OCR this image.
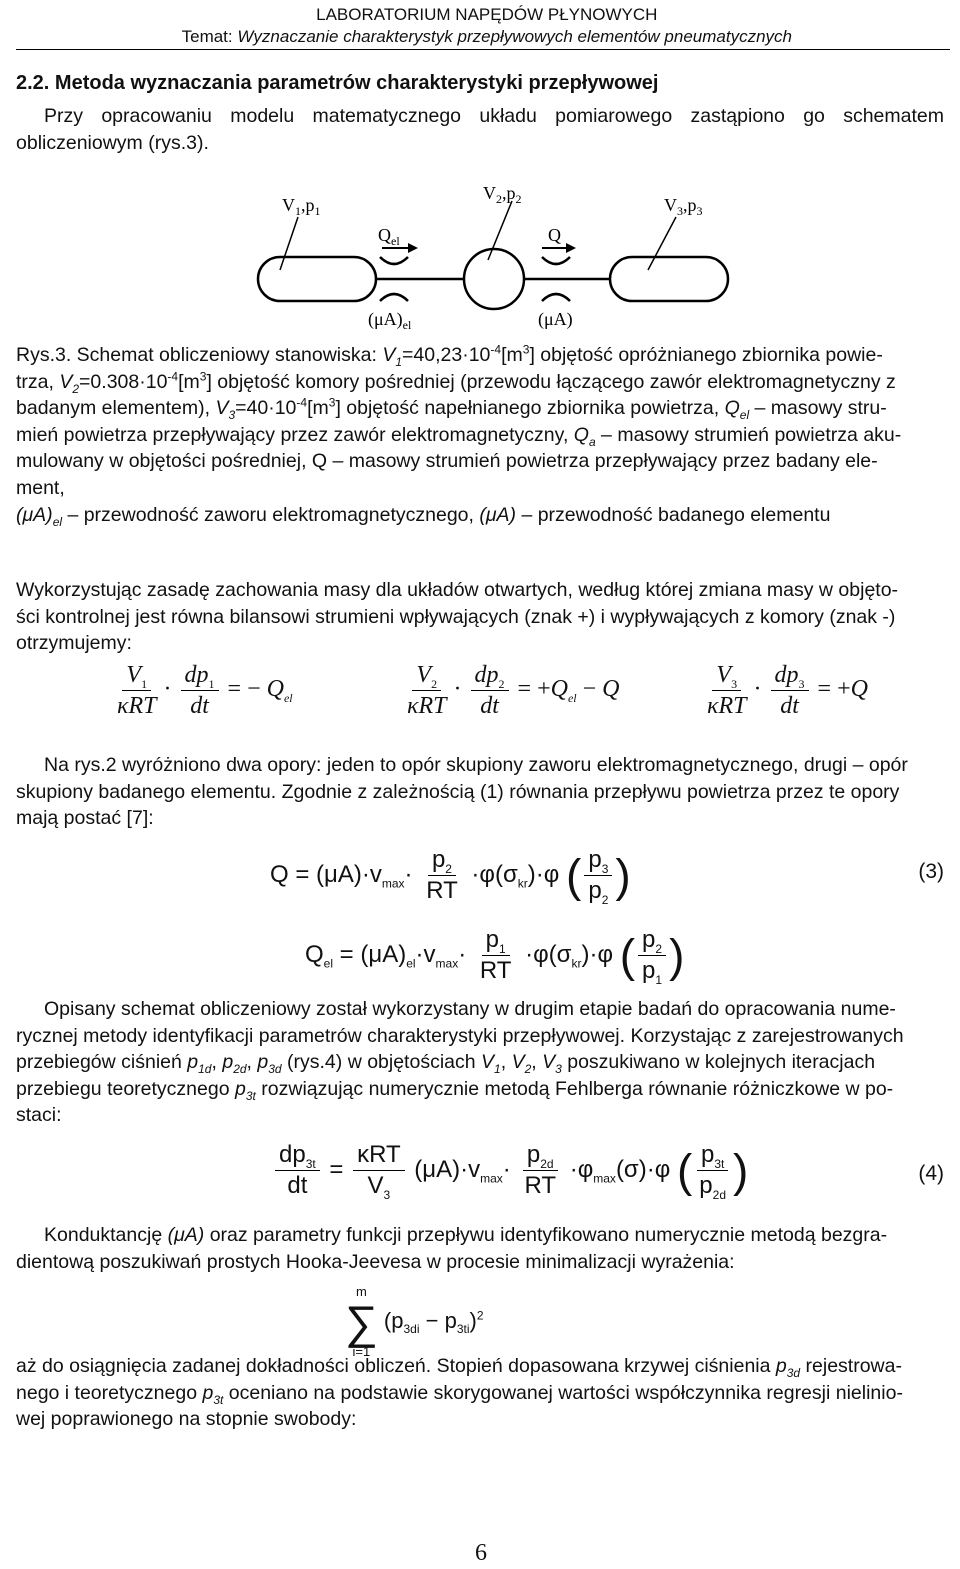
LABORATORIUM NAPĘDÓW PŁYNOWYCH
Temat: Wyznaczanie charakterystyk przepływowych elementów pneumatycznych
2.2. Metoda wyznaczania parametrów charakterystyki przepływowej
Przy opracowaniu modelu matematycznego układu pomiarowego zastąpiono go schematem obliczeniowym (rys.3).
$V_1,p_1$
$V_2,p_2$	$V_3,p_3$
$Q_{el}$	Q
$(\mu A)_{el}$	(μA)
Rys.3. Schemat obliczeniowy stanowiska: $V_1=40,23\cdot 10^{-4}[m^3]$ objętość opróżnianego zbiornika powie-
trza, $V_2=0.308\cdot 10^{-4}[m^3]$ objętość komory pośredniej (przewodu łączącego zawór elektromagnetyczny z
badanym elementem), $V_3=40\cdot 10^{-4}[m^3]$ objętość napełnianego zbiornika powietrza, $Q_{el}$ – masowy stru-
mień powietrza przepływający przez zawór elektromagnetyczny, $Q_a$ – masowy strumień powietrza aku-
mulowany w objętości pośredniej, Q – masowy strumień powietrza przepływający przez badany ele-
ment,
$(\mu A)_{el}$ – przewodność zaworu elektromagnetycznego, (μA) – przewodność badanego elementu
Wykorzystując zasadę zachowania masy dla układów otwartych, według której zmiana masy w objęto-
ści kontrolnej jest równa bilansowi strumieni wpływających (znak +) i wypływających z komory (znak -)
otrzymujemy:
$\frac{V_1}{\text{κRT}} \cdot \frac{dp_1}{dt}$ = − $Q_{el}$	$\frac{V_2}{\text{κRT}} \cdot \frac{dp_2}{dt} = +Q_{el} - Q$	$\frac{V_3}{\text{κRT}} \cdot \frac{dp_3}{dt} = +Q$
Na rys.2 wyróżniono dwa opory: jeden to opór skupiony zaworu elektromagnetycznego, drugi – opór
skupiony badanego elementu. Zgodnie z zależnością (1) równania przepływu powietrza przez te opory
mają postać [7]:
$Q = (\mu A)\cdot v_{max}\cdot \frac{p_2}{RT} \cdot\varphi(\sigma_{kr})\cdot\varphi$ ( $\frac{p_3}{p_2}$ )	(3)
$Q_{el} = (\mu A)_{el}\cdot v_{max}\cdot \frac{p_1}{RT} \cdot\varphi(\sigma_{kr})\cdot\varphi$ ( $\frac{p_2}{p_1}$ )
Opisany schemat obliczeniowy został wykorzystany w drugim etapie badań do opracowania nume-
rycznej metody identyfikacji parametrów charakterystyki przepływowej. Korzystając z zarejestrowanych
przebiegów ciśnień $p_{1d}$, $p_{2d}$, $p_{3d}$ (rys.4) w objętościach $V_1$, $V_2$, $V_3$ poszukiwano w kolejnych iteracjach
przebiegu teoretycznego $p_{3t}$ rozwiązując numerycznie metodą Fehlberga równanie różniczkowe w po-
staci:
$\frac{dp_{3t}}{dt} = \frac{\text{κRT}}{V_3} (\mu A)\cdot v_{max}\cdot \frac{p_{2d}}{RT} \cdot\varphi_{max}(\sigma)\cdot\varphi$ ( $\frac{p_{3t}}{p_{2d}}$ )	(4)
Konduktancję (μA) oraz parametry funkcji przepływu identyfikowano numerycznie metodą bezgra-
dientową poszukiwań prostych Hooka-Jeevesa w procesie minimalizacji wyrażenia:
m
∑
i=1
$(p_{3di} - p_{3ti})^2$
aż do osiągnięcia zadanej dokładności obliczeń. Stopień dopasowana krzywej ciśnienia $p_{3d}$ rejestrowa-
nego i teoretycznego $p_{3t}$ oceniano na podstawie skorygowanej wartości współczynnika regresji nielinio-
wej poprawionego na stopnie swobody:
6
